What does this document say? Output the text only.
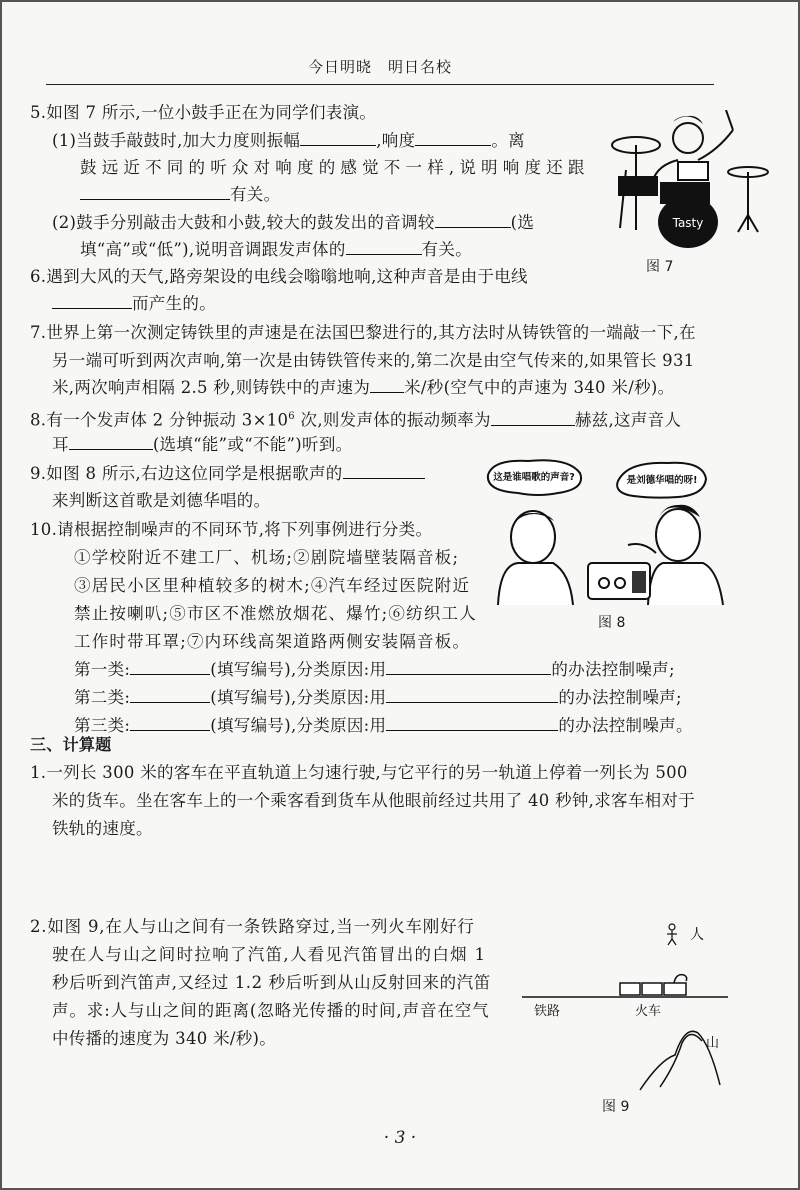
今日明晓　明日名校
5.如图 7 所示,一位小鼓手正在为同学们表演。
(1)当鼓手敲鼓时,加大力度则振幅	,响度	。离
鼓远近不同的听众对响度的感觉不一样,说明响度还跟
有关。
(2)鼓手分别敲击大鼓和小鼓,较大的鼓发出的音调较	(选
填“高”或“低”),说明音调跟发声体的	有关。
Tasty
图 7
6.遇到大风的天气,路旁架设的电线会嗡嗡地响,这种声音是由于电线
而产生的。
7.世界上第一次测定铸铁里的声速是在法国巴黎进行的,其方法时从铸铁管的一端敲一下,在
另一端可听到两次声响,第一次是由铸铁管传来的,第二次是由空气传来的,如果管长 931
米,两次响声相隔 2.5 秒,则铸铁中的声速为 米/秒(空气中的声速为 340 米/秒)。
8.有一个发声体 2 分钟振动 $3\times 10^6$ 次,则发声体的振动频率为	赫兹,这声音人
耳	(选填“能”或“不能”)听到。
9.如图 8 所示,右边这位同学是根据歌声的
来判断这首歌是刘德华唱的。
10.请根据控制噪声的不同环节,将下列事例进行分类。
①学校附近不建工厂、机场;②剧院墙壁装隔音板;
③居民小区里种植较多的树木;④汽车经过医院附近
禁止按喇叭;⑤市区不准燃放烟花、爆竹;⑥纺织工人
工作时带耳罩;⑦内环线高架道路两侧安装隔音板。
第一类:	(填写编号),分类原因:用	的办法控制噪声;
第二类:	(填写编号),分类原因:用	的办法控制噪声;
第三类:	(填写编号),分类原因:用	的办法控制噪声。
这是谁唱歌的声音?	是刘德华唱的呀!
图 8
三、计算题
1.一列长 300 米的客车在平直轨道上匀速行驶,与它平行的另一轨道上停着一列长为 500
米的货车。坐在客车上的一个乘客看到货车从他眼前经过共用了 40 秒钟,求客车相对于
铁轨的速度。
2.如图 9,在人与山之间有一条铁路穿过,当一列火车刚好行
驶在人与山之间时拉响了汽笛,人看见汽笛冒出的白烟 1
秒后听到汽笛声,又经过 1.2 秒后听到从山反射回来的汽笛
声。求:人与山之间的距离(忽略光传播的时间,声音在空气
中传播的速度为 340 米/秒)。
人
铁路	火车
山
图 9
· 3 ·
